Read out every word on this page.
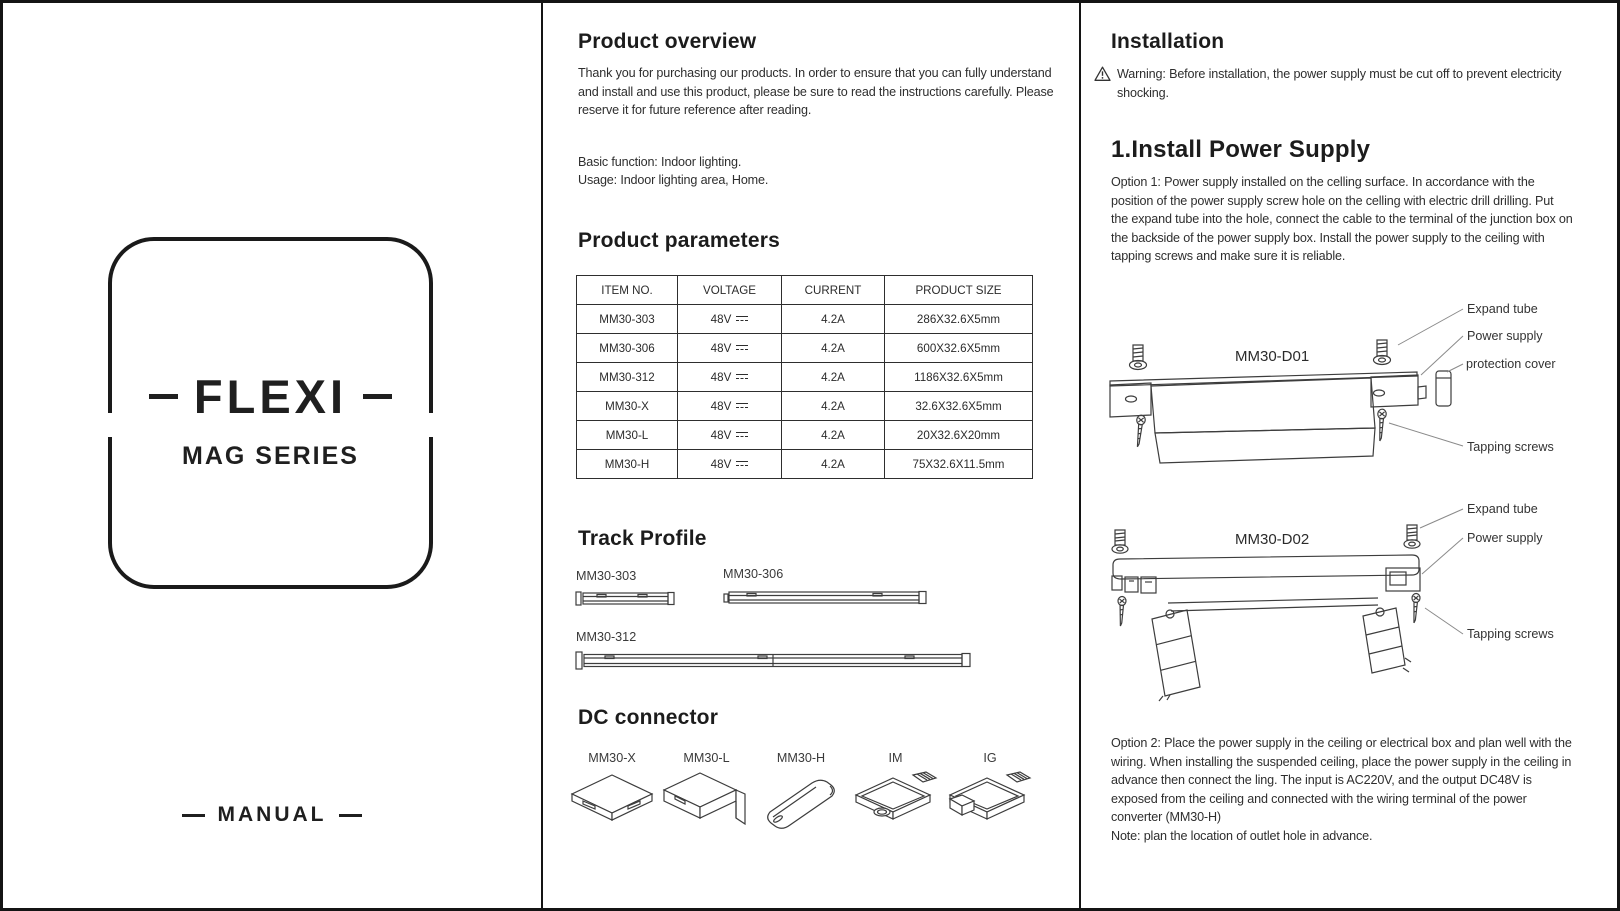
FLEXI
MAG SERIES
MANUAL
Product overview
Thank you for purchasing our products. In order to ensure that you can fully understand and install and use this product, please be sure to read the instructions carefully. Please reserve it for future reference after reading.
Basic function: Indoor lighting.
Usage: Indoor lighting area, Home.
Product parameters
ITEM NO.	VOLTAGE	CURRENT	PRODUCT SIZE
MM30-303	48V	4.2A	286X32.6X5mm
MM30-306	48V	4.2A	600X32.6X5mm
MM30-312	48V	4.2A	1186X32.6X5mm
MM30-X	48V	4.2A	32.6X32.6X5mm
MM30-L	48V	4.2A	20X32.6X20mm
MM30-H	48V	4.2A	75X32.6X11.5mm
Track Profile
MM30-303	MM30-306
MM30-312
DC connector
MM30-X	MM30-L	MM30-H	IM	IG
Installation
Warning: Before installation, the power supply must be cut off to prevent electricity shocking.
1.Install Power Supply
Option 1: Power supply installed on the celling surface. In accordance with the position of the power supply screw hole on the celling with electric drill drilling. Put the expand tube into the hole, connect the cable to the terminal of the junction box on the backside of the power supply box. Install the power supply to the ceiling with tapping screws and make sure it is reliable.
MM30-D01
Expand tube
Power supply
protection cover
Tapping screws
MM30-D02
Expand tube
Power supply
Tapping screws
Option 2: Place the power supply in the ceiling or electrical box and plan well with the wiring. When installing the suspended ceiling, place the power supply in the ceiling in advance then connect the ling. The input is AC220V, and the output DC48V is exposed from the ceiling and connected with the wiring terminal of the power converter (MM30-H)
Note: plan the location of outlet hole in advance.
